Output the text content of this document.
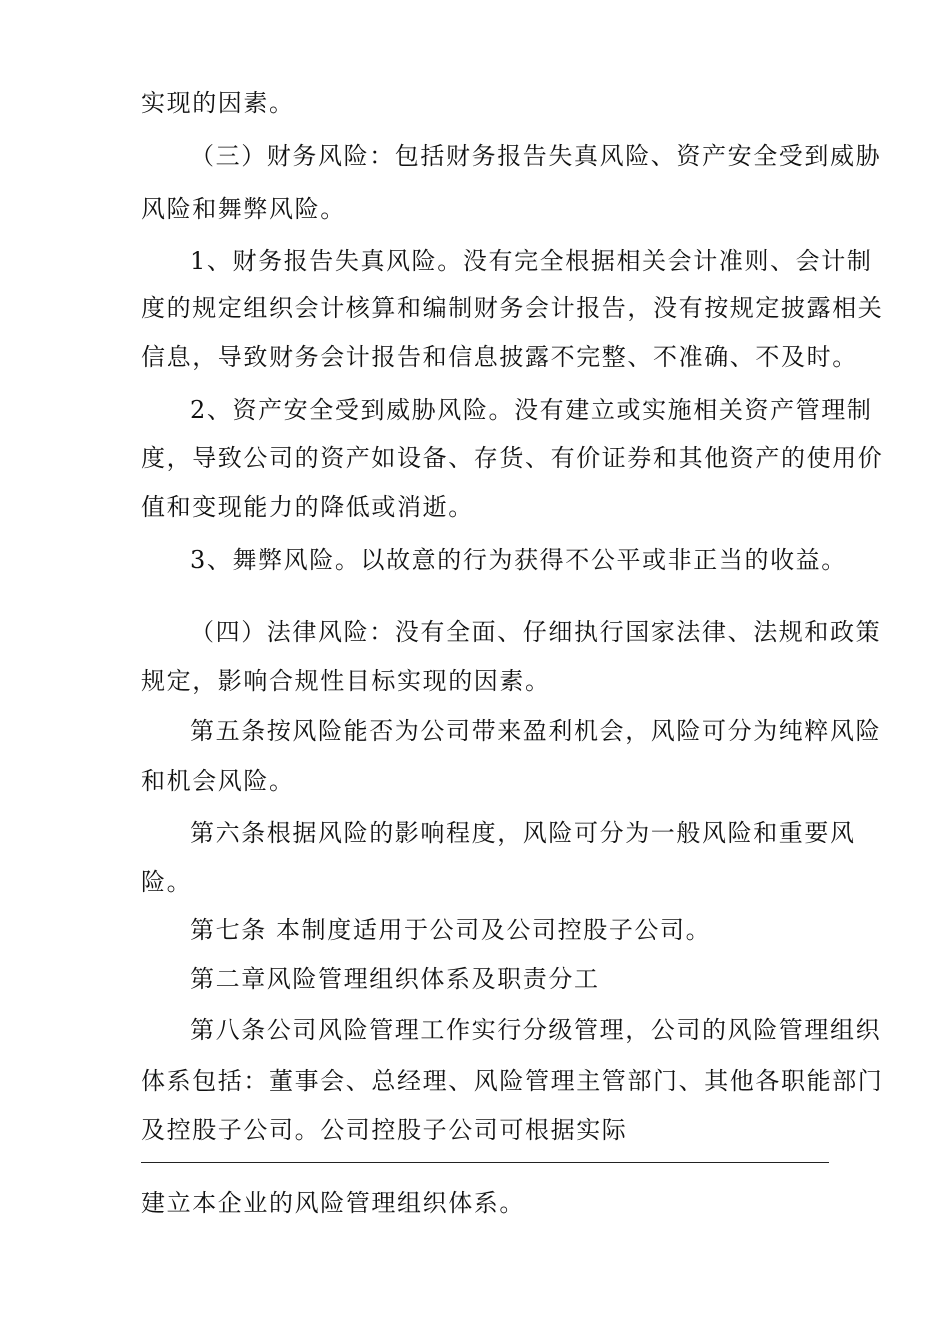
实现的因素。
（三）财务风险：包括财务报告失真风险、资产安全受到威胁
风险和舞弊风险。
1、财务报告失真风险。没有完全根据相关会计准则、会计制
度的规定组织会计核算和编制财务会计报告，没有按规定披露相关
信息，导致财务会计报告和信息披露不完整、不准确、不及时。
2、资产安全受到威胁风险。没有建立或实施相关资产管理制
度，导致公司的资产如设备、存货、有价证券和其他资产的使用价
值和变现能力的降低或消逝。
3、舞弊风险。以故意的行为获得不公平或非正当的收益。
（四）法律风险：没有全面、仔细执行国家法律、法规和政策
规定，影响合规性目标实现的因素。
第五条按风险能否为公司带来盈利机会，风险可分为纯粹风险
和机会风险。
第六条根据风险的影响程度，风险可分为一般风险和重要风
险。
第七条 本制度适用于公司及公司控股子公司。
第二章风险管理组织体系及职责分工
第八条公司风险管理工作实行分级管理，公司的风险管理组织
体系包括：董事会、总经理、风险管理主管部门、其他各职能部门
及控股子公司。公司控股子公司可根据实际
建立本企业的风险管理组织体系。
